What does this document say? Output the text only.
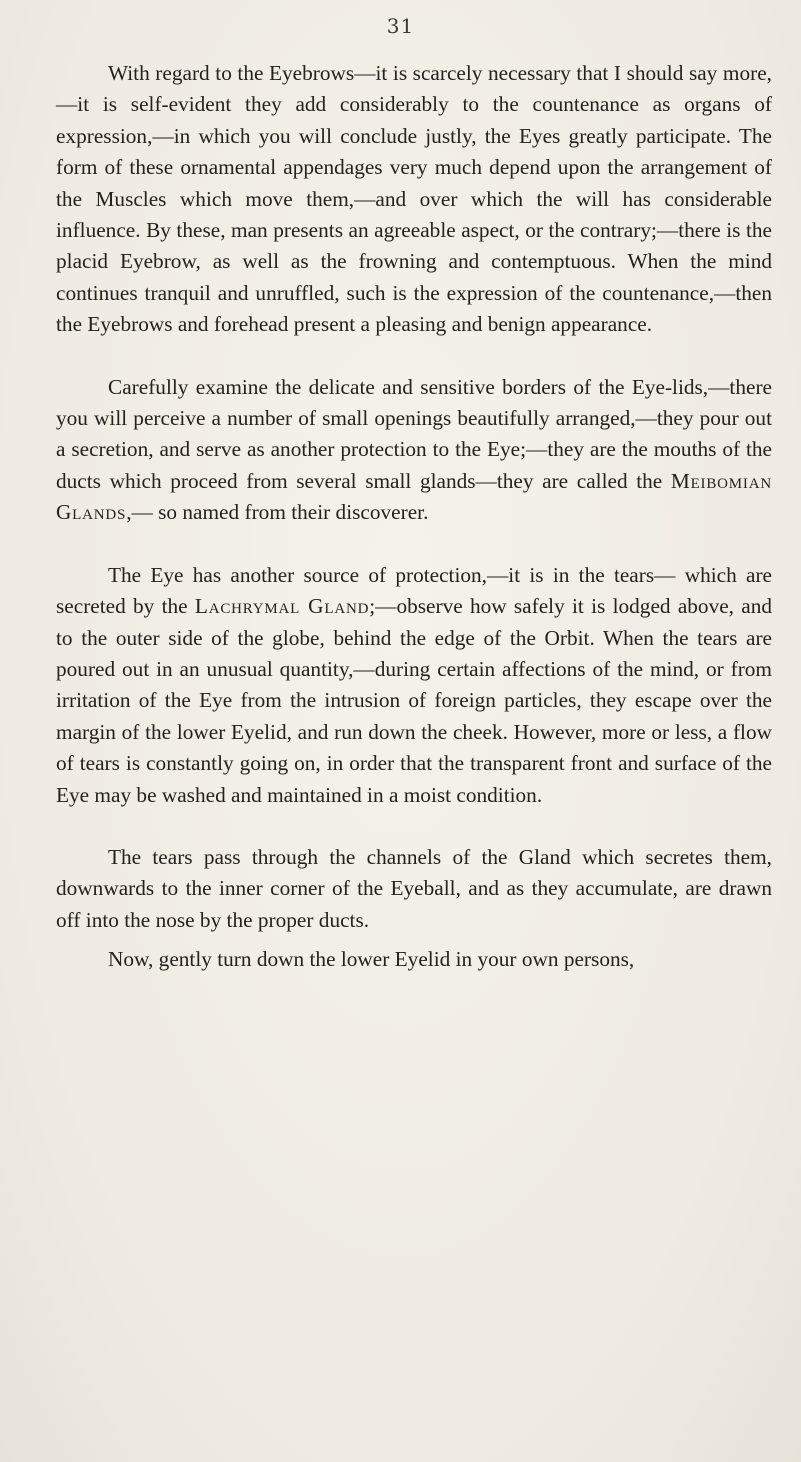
31

With regard to the Eyebrows—it is scarcely necessary that I should say more,—it is self-evident they add considerably to the countenance as organs of expression,—in which you will conclude justly, the Eyes greatly participate. The form of these ornamental appendages very much depend upon the arrangement of the Muscles which move them,—and over which the will has considerable influence. By these, man presents an agreeable aspect, or the contrary;—there is the placid Eyebrow, as well as the frowning and contemptuous. When the mind continues tranquil and unruffled, such is the expression of the countenance,—then the Eyebrows and forehead present a pleasing and benign appearance.

Carefully examine the delicate and sensitive borders of the Eye-lids,—there you will perceive a number of small openings beautifully arranged,—they pour out a secretion, and serve as another protection to the Eye;—they are the mouths of the ducts which proceed from several small glands—they are called the Meibomian Glands,— so named from their discoverer.

The Eye has another source of protection,—it is in the tears— which are secreted by the Lachrymal Gland;—observe how safely it is lodged above, and to the outer side of the globe, behind the edge of the Orbit. When the tears are poured out in an unusual quantity,—during certain affections of the mind, or from irritation of the Eye from the intrusion of foreign particles, they escape over the margin of the lower Eyelid, and run down the cheek. However, more or less, a flow of tears is constantly going on, in order that the transparent front and surface of the Eye may be washed and maintained in a moist condition.

The tears pass through the channels of the Gland which secretes them, downwards to the inner corner of the Eyeball, and as they accumulate, are drawn off into the nose by the proper ducts.

Now, gently turn down the lower Eyelid in your own persons,
